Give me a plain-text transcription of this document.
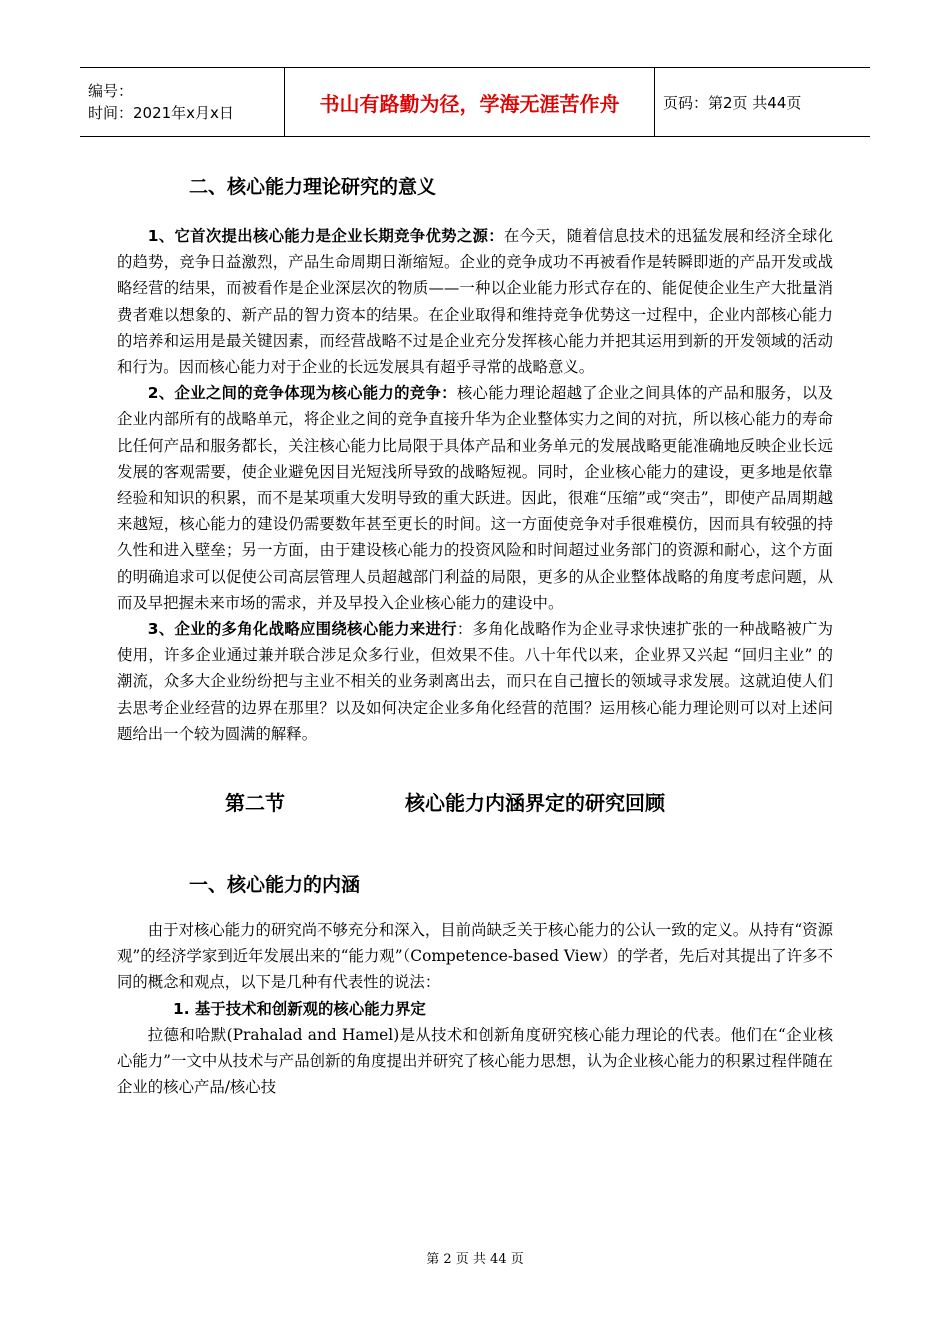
编号：
时间：2021年x月x日	书山有路勤为径，学海无涯苦作舟	页码：第2页 共44页
二、核心能力理论研究的意义

1、它首次提出核心能力是企业长期竞争优势之源：在今天，随着信息技术的迅猛发展和经济全球化的趋势，竞争日益激烈，产品生命周期日渐缩短。企业的竞争成功不再被看作是转瞬即逝的产品开发或战略经营的结果，而被看作是企业深层次的物质——一种以企业能力形式存在的、能促使企业生产大批量消费者难以想象的、新产品的智力资本的结果。在企业取得和维持竞争优势这一过程中，企业内部核心能力的培养和运用是最关键因素，而经营战略不过是企业充分发挥核心能力并把其运用到新的开发领域的活动和行为。因而核心能力对于企业的长远发展具有超乎寻常的战略意义。

2、企业之间的竞争体现为核心能力的竞争：核心能力理论超越了企业之间具体的产品和服务，以及企业内部所有的战略单元，将企业之间的竞争直接升华为企业整体实力之间的对抗，所以核心能力的寿命比任何产品和服务都长，关注核心能力比局限于具体产品和业务单元的发展战略更能准确地反映企业长远发展的客观需要，使企业避免因目光短浅所导致的战略短视。同时，企业核心能力的建设，更多地是依靠经验和知识的积累，而不是某项重大发明导致的重大跃进。因此，很难“压缩”或“突击”，即使产品周期越来越短，核心能力的建设仍需要数年甚至更长的时间。这一方面使竞争对手很难模仿，因而具有较强的持久性和进入壁垒；另一方面，由于建设核心能力的投资风险和时间超过业务部门的资源和耐心，这个方面的明确追求可以促使公司高层管理人员超越部门利益的局限，更多的从企业整体战略的角度考虑问题，从而及早把握未来市场的需求，并及早投入企业核心能力的建设中。

3、企业的多角化战略应围绕核心能力来进行：多角化战略作为企业寻求快速扩张的一种战略被广为使用，许多企业通过兼并联合涉足众多行业，但效果不佳。八十年代以来，企业界又兴起 “回归主业” 的潮流，众多大企业纷纷把与主业不相关的业务剥离出去，而只在自己擅长的领域寻求发展。这就迫使人们去思考企业经营的边界在那里？以及如何决定企业多角化经营的范围？运用核心能力理论则可以对上述问题给出一个较为圆满的解释。

第二节	核心能力内涵界定的研究回顾
一、核心能力的内涵

由于对核心能力的研究尚不够充分和深入，目前尚缺乏关于核心能力的公认一致的定义。从持有“资源观”的经济学家到近年发展出来的“能力观”（Competence-based View）的学者，先后对其提出了许多不同的概念和观点，以下是几种有代表性的说法：

1. 基于技术和创新观的核心能力界定

拉德和哈默(Prahalad and Hamel)是从技术和创新角度研究核心能力理论的代表。他们在“企业核心能力”一文中从技术与产品创新的角度提出并研究了核心能力思想，认为企业核心能力的积累过程伴随在企业的核心产品/核心技

第 2 页 共 44 页
